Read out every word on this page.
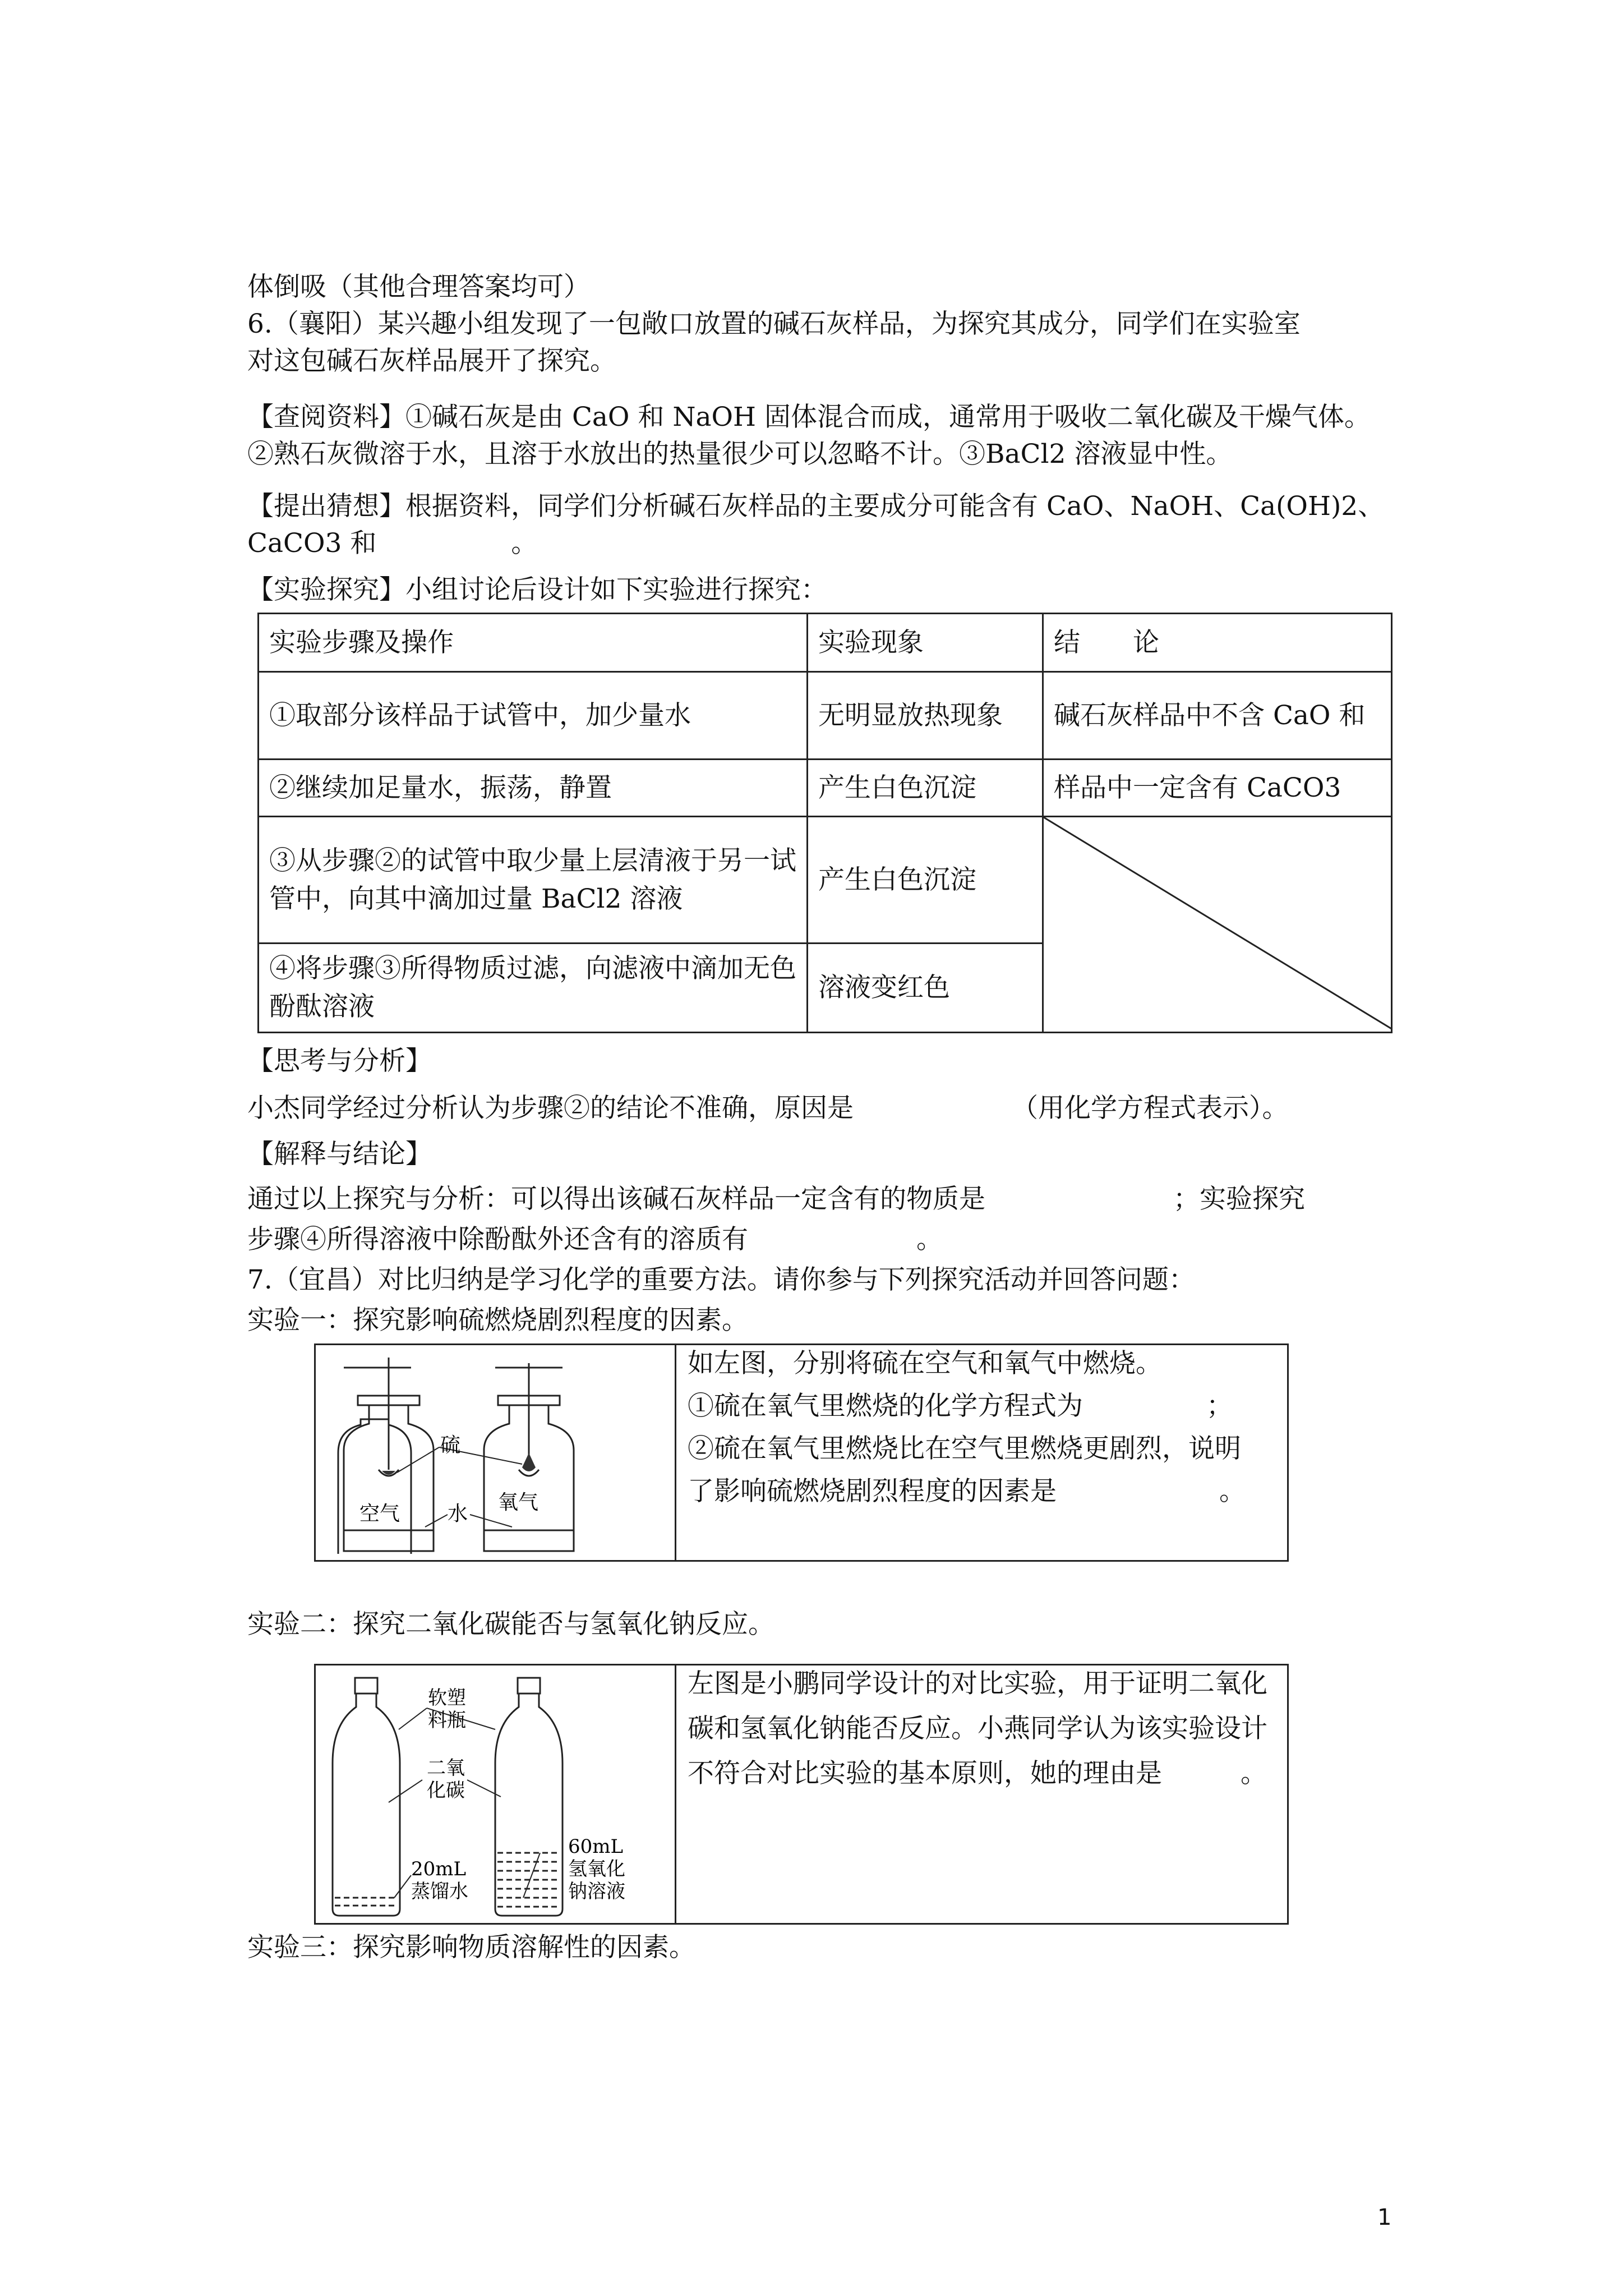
体倒吸（其他合理答案均可）
6.（襄阳）某兴趣小组发现了一包敞口放置的碱石灰样品，为探究其成分，同学们在实验室
对这包碱石灰样品展开了探究。
【查阅资料】①碱石灰是由 CaO 和 NaOH 固体混合而成，通常用于吸收二氧化碳及干燥气体。
②熟石灰微溶于水，且溶于水放出的热量很少可以忽略不计。③BaCl2 溶液显中性。
【提出猜想】根据资料，同学们分析碱石灰样品的主要成分可能含有 CaO、NaOH、Ca(OH)2、
CaCO3 和	。
【实验探究】小组讨论后设计如下实验进行探究：
实验步骤及操作	实验现象	结　　论
①取部分该样品于试管中，加少量水	无明显放热现象	碱石灰样品中不含 CaO 和
②继续加足量水，振荡，静置	产生白色沉淀	样品中一定含有 CaCO3
③从步骤②的试管中取少量上层清液于另一试管中，向其中滴加过量 BaCl2 溶液	产生白色沉淀	

④将步骤③所得物质过滤，向滤液中滴加无色酚酞溶液	溶液变红色	
【思考与分析】
小杰同学经过分析认为步骤②的结论不准确，原因是	（用化学方程式表示）。
【解释与结论】
通过以上探究与分析：可以得出该碱石灰样品一定含有的物质是	；实验探究
步骤④所得溶液中除酚酞外还含有的溶质有	。
7.（宜昌）对比归纳是学习化学的重要方法。请你参与下列探究活动并回答问题：
实验一：探究影响硫燃烧剧烈程度的因素。
硫
空气 水 氧气
如左图，分别将硫在空气和氧气中燃烧。
①硫在氧气里燃烧的化学方程式为	；
②硫在氧气里燃烧比在空气里燃烧更剧烈，说明
了影响硫燃烧剧烈程度的因素是	。
实验二：探究二氧化碳能否与氢氧化钠反应。
软塑
料瓶
二氧
化碳
20mL
蒸馏水
60mL
氢氧化
钠溶液
左图是小鹏同学设计的对比实验，用于证明二氧化
碳和氢氧化钠能否反应。小燕同学认为该实验设计
不符合对比实验的基本原则，她的理由是	。
实验三：探究影响物质溶解性的因素。
1
